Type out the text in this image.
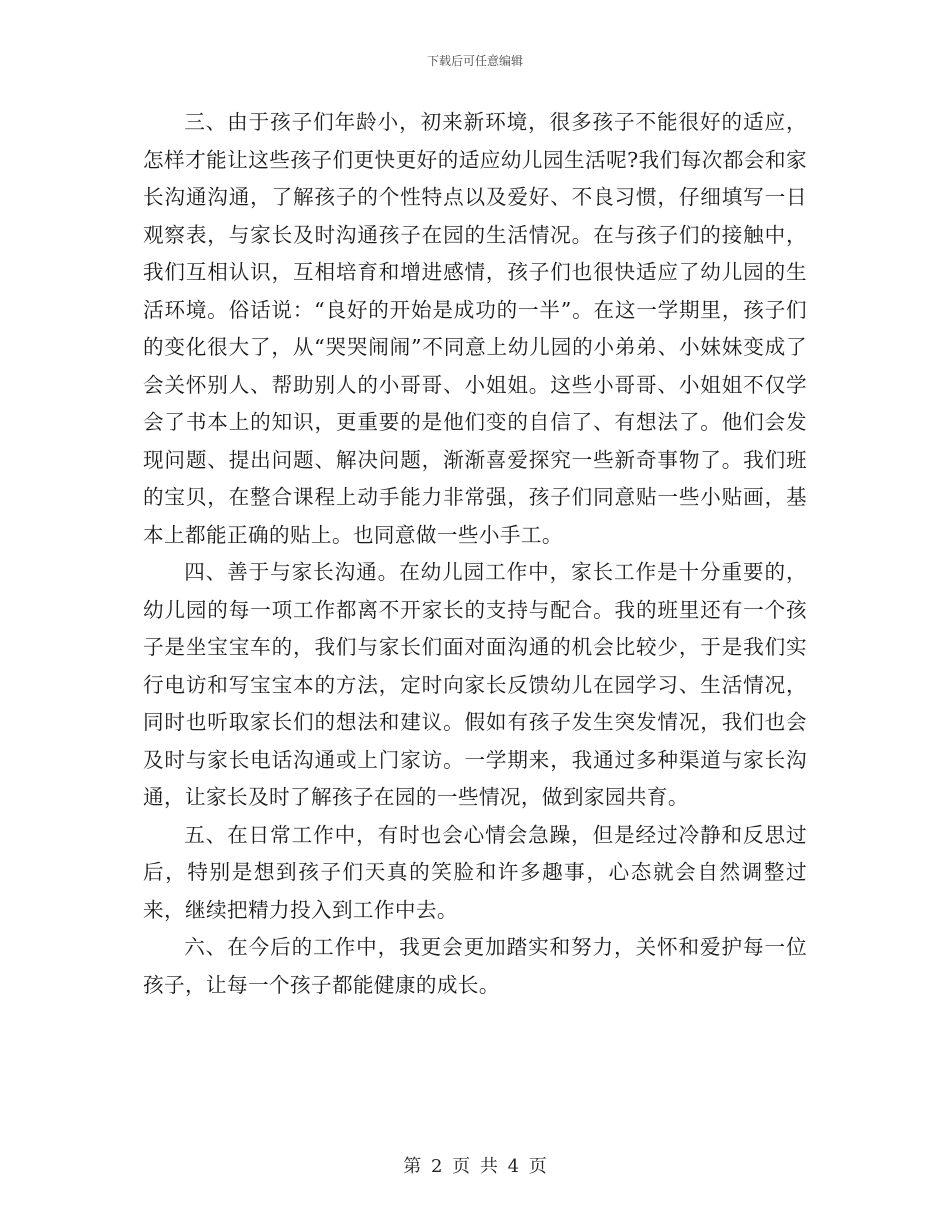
下载后可任意编辑

三、由于孩子们年龄小，初来新环境，很多孩子不能很好的适应，怎样才能让这些孩子们更快更好的适应幼儿园生活呢?我们每次都会和家长沟通沟通，了解孩子的个性特点以及爱好、不良习惯，仔细填写一日观察表，与家长及时沟通孩子在园的生活情况。在与孩子们的接触中，我们互相认识，互相培育和增进感情，孩子们也很快适应了幼儿园的生活环境。俗话说：“良好的开始是成功的一半”。在这一学期里，孩子们的变化很大了，从“哭哭闹闹”不同意上幼儿园的小弟弟、小妹妹变成了会关怀别人、帮助别人的小哥哥、小姐姐。这些小哥哥、小姐姐不仅学会了书本上的知识，更重要的是他们变的自信了、有想法了。他们会发现问题、提出问题、解决问题，渐渐喜爱探究一些新奇事物了。我们班的宝贝，在整合课程上动手能力非常强，孩子们同意贴一些小贴画，基本上都能正确的贴上。也同意做一些小手工。

四、善于与家长沟通。在幼儿园工作中，家长工作是十分重要的，幼儿园的每一项工作都离不开家长的支持与配合。我的班里还有一个孩子是坐宝宝车的，我们与家长们面对面沟通的机会比较少，于是我们实行电访和写宝宝本的方法，定时向家长反馈幼儿在园学习、生活情况，同时也听取家长们的想法和建议。假如有孩子发生突发情况，我们也会及时与家长电话沟通或上门家访。一学期来，我通过多种渠道与家长沟通，让家长及时了解孩子在园的一些情况，做到家园共育。

五、在日常工作中，有时也会心情会急躁，但是经过冷静和反思过后，特别是想到孩子们天真的笑脸和许多趣事，心态就会自然调整过来，继续把精力投入到工作中去。

六、在今后的工作中，我更会更加踏实和努力，关怀和爱护每一位孩子，让每一个孩子都能健康的成长。

第 2 页 共 4 页
